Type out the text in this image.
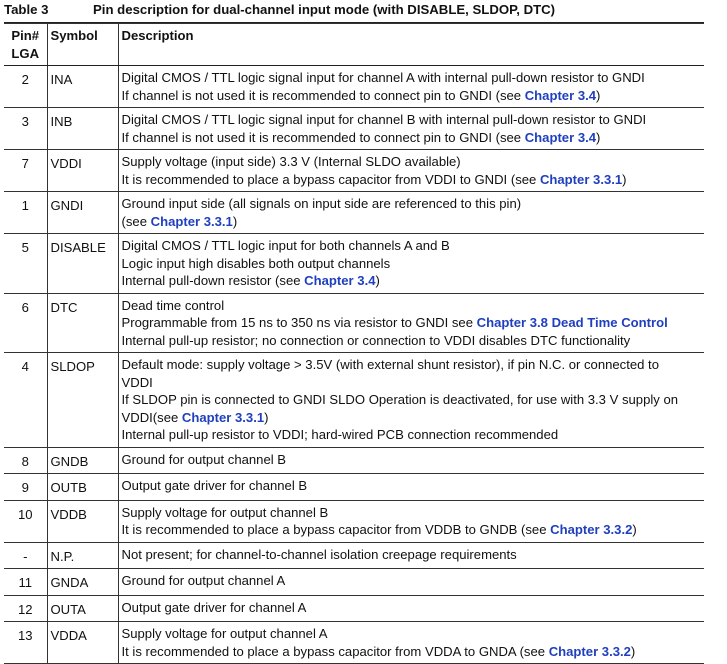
Table 3	Pin description for dual-channel input mode (with DISABLE, SLDOP, DTC)
Pin#
LGA	Symbol	Description
2	INA	Digital CMOS / TTL logic signal input for channel A with internal pull-down resistor to GNDI
If channel is not used it is recommended to connect pin to GNDI (see Chapter 3.4)

3	INB	Digital CMOS / TTL logic signal input for channel B with internal pull-down resistor to GNDI
If channel is not used it is recommended to connect pin to GNDI (see Chapter 3.4)

7	VDDI	Supply voltage (input side) 3.3 V (Internal SLDO available)
It is recommended to place a bypass capacitor from VDDI to GNDI (see Chapter 3.3.1)

1	GNDI	Ground input side (all signals on input side are referenced to this pin)
(see Chapter 3.3.1)

5	DISABLE	Digital CMOS / TTL logic input for both channels A and B
Logic input high disables both output channels
Internal pull-down resistor (see Chapter 3.4)

6	DTC	Dead time control
Programmable from 15 ns to 350 ns via resistor to GNDI see Chapter 3.8 Dead Time Control
Internal pull-up resistor; no connection or connection to VDDI disables DTC functionality

4	SLDOP	Default mode: supply voltage > 3.5V (with external shunt resistor), if pin N.C. or connected to
VDDI
If SLDOP pin is connected to GNDI SLDO Operation is deactivated, for use with 3.3 V supply on
VDDI(see Chapter 3.3.1)
Internal pull-up resistor to VDDI; hard-wired PCB connection recommended

8	GNDB	Ground for output channel B

9	OUTB	Output gate driver for channel B

10	VDDB	Supply voltage for output channel B
It is recommended to place a bypass capacitor from VDDB to GNDB (see Chapter 3.3.2)

-	N.P.	Not present; for channel-to-channel isolation creepage requirements

11	GNDA	Ground for output channel A

12	OUTA	Output gate driver for channel A

13	VDDA	Supply voltage for output channel A
It is recommended to place a bypass capacitor from VDDA to GNDA (see Chapter 3.3.2)
